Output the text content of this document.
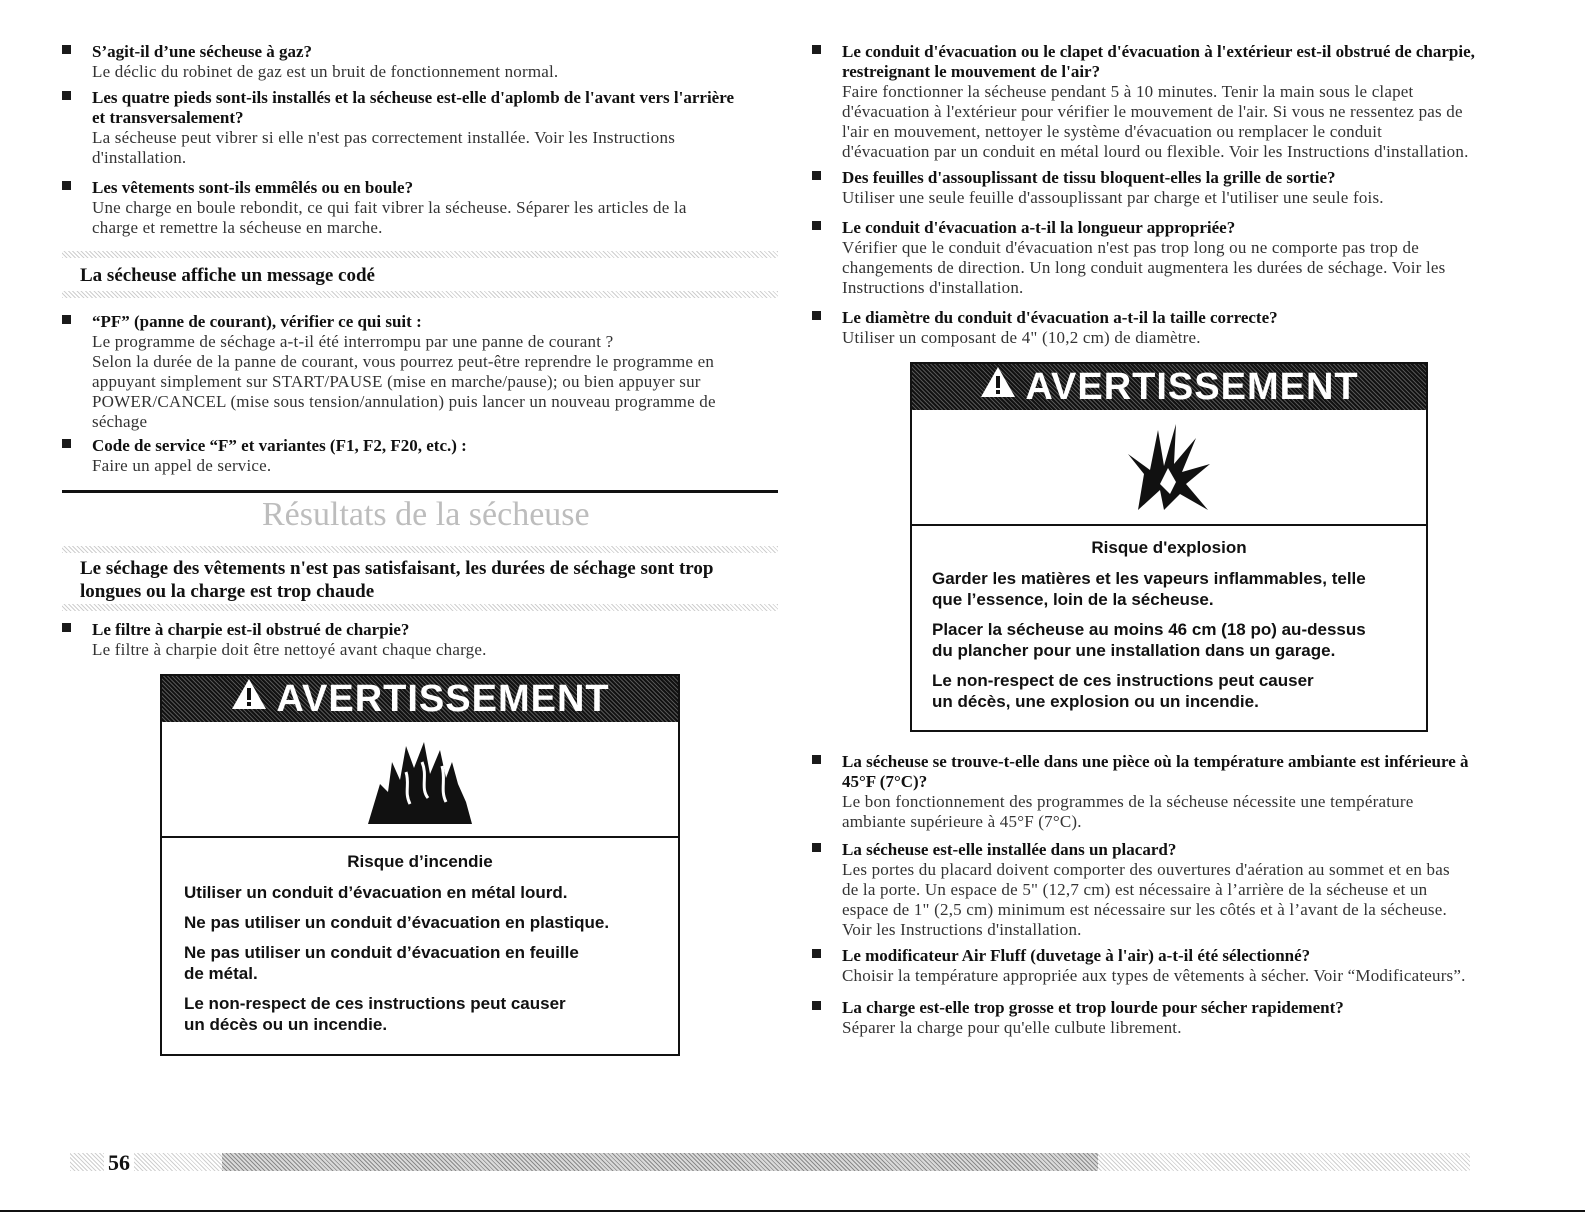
S’agit-il d’une sécheuse à gaz?
Le déclic du robinet de gaz est un bruit de fonctionnement normal.
Les quatre pieds sont-ils installés et la sécheuse est-elle d'aplomb de l'avant vers l'arrière
et transversalement?
La sécheuse peut vibrer si elle n'est pas correctement installée. Voir les Instructions
d'installation.
Les vêtements sont-ils emmêlés ou en boule?
Une charge en boule rebondit, ce qui fait vibrer la sécheuse. Séparer les articles de la
charge et remettre la sécheuse en marche.
La sécheuse affiche un message codé
“PF” (panne de courant), vérifier ce qui suit :
Le programme de séchage a-t-il été interrompu par une panne de courant ?
Selon la durée de la panne de courant, vous pourrez peut-être reprendre le programme en
appuyant simplement sur START/PAUSE (mise en marche/pause); ou bien appuyer sur
POWER/CANCEL (mise sous tension/annulation) puis lancer un nouveau programme de
séchage
Code de service “F” et variantes (F1, F2, F20, etc.) :
Faire un appel de service.
Résultats de la sécheuse
Le séchage des vêtements n'est pas satisfaisant, les durées de séchage sont trop
longues ou la charge est trop chaude
Le filtre à charpie est-il obstrué de charpie?
Le filtre à charpie doit être nettoyé avant chaque charge.
AVERTISSEMENT
Risque d’incendie

Utiliser un conduit d’évacuation en métal lourd.

Ne pas utiliser un conduit d’évacuation en plastique.

Ne pas utiliser un conduit d’évacuation en feuille
de métal.

Le non-respect de ces instructions peut causer
un décès ou un incendie.

Le conduit d'évacuation ou le clapet d'évacuation à l'extérieur est-il obstrué de charpie,
restreignant le mouvement de l'air?
Faire fonctionner la sécheuse pendant 5 à 10 minutes. Tenir la main sous le clapet
d'évacuation à l'extérieur pour vérifier le mouvement de l'air. Si vous ne ressentez pas de
l'air en mouvement, nettoyer le système d'évacuation ou remplacer le conduit
d'évacuation par un conduit en métal lourd ou flexible. Voir les Instructions d'installation.
Des feuilles d'assouplissant de tissu bloquent-elles la grille de sortie?
Utiliser une seule feuille d'assouplissant par charge et l'utiliser une seule fois.
Le conduit d'évacuation a-t-il la longueur appropriée?
Vérifier que le conduit d'évacuation n'est pas trop long ou ne comporte pas trop de
changements de direction. Un long conduit augmentera les durées de séchage. Voir les
Instructions d'installation.
Le diamètre du conduit d'évacuation a-t-il la taille correcte?
Utiliser un composant de 4" (10,2 cm) de diamètre.
AVERTISSEMENT
Risque d'explosion

Garder les matières et les vapeurs inflammables, telle
que l’essence, loin de la sécheuse.

Placer la sécheuse au moins 46 cm (18 po) au-dessus
du plancher pour une installation dans un garage.

Le non-respect de ces instructions peut causer
un décès, une explosion ou un incendie.

La sécheuse se trouve-t-elle dans une pièce où la température ambiante est inférieure à
45°F (7°C)?
Le bon fonctionnement des programmes de la sécheuse nécessite une température
ambiante supérieure à 45°F (7°C).
La sécheuse est-elle installée dans un placard?
Les portes du placard doivent comporter des ouvertures d'aération au sommet et en bas
de la porte. Un espace de 5" (12,7 cm) est nécessaire à l’arrière de la sécheuse et un
espace de 1" (2,5 cm) minimum est nécessaire sur les côtés et à l’avant de la sécheuse.
Voir les Instructions d'installation.
Le modificateur Air Fluff (duvetage à l'air) a-t-il été sélectionné?
Choisir la température appropriée aux types de vêtements à sécher. Voir “Modificateurs”.
La charge est-elle trop grosse et trop lourde pour sécher rapidement?
Séparer la charge pour qu'elle culbute librement.
56
